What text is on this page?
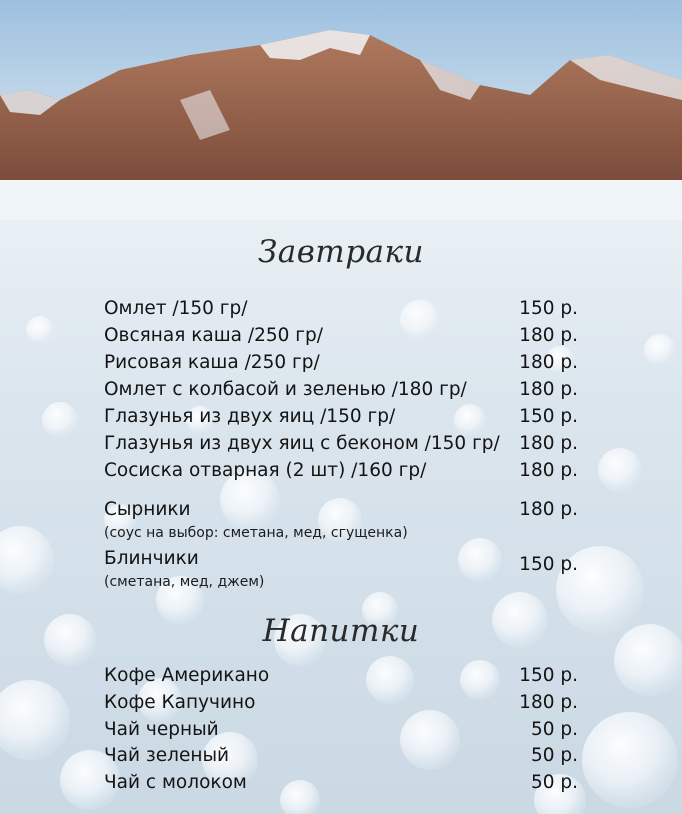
Завтраки
Омлет /150 гр/	150 р.
Овсяная каша /250 гр/	180 р.
Рисовая каша /250 гр/	180 р.
Омлет с колбасой и зеленью /180 гр/	180 р.
Глазунья из двух яиц /150 гр/	150 р.
Глазунья из двух яиц с беконом /150 гр/ 180 р.
Сосиска отварная (2 шт) /160 гр/	180 р.
Сырники	180 р.
(соус на выбор: сметана, мед, сгущенка)
Блинчики	150 р.
(сметана, мед, джем)
Напитки
Кофе Американо	150 р.
Кофе Капучино	180 р.
Чай черный	50 р.
Чай зеленый	50 р.
Чай с молоком	50 р.
